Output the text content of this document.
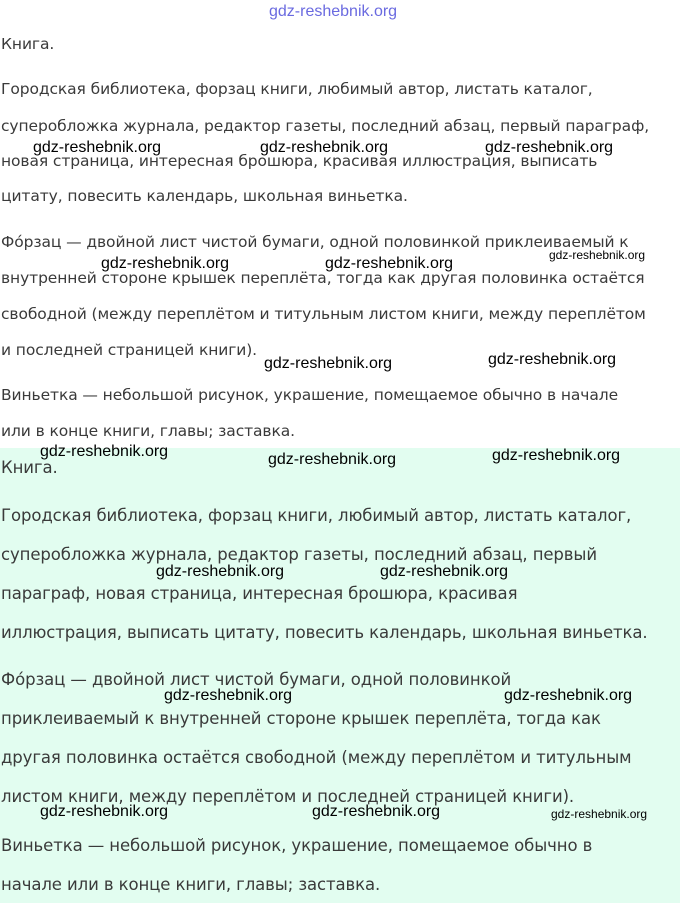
Книга.
Городская библиотека, форзац книги, любимый автор, листать каталог,
суперобложка журнала, редактор газеты, последний абзац, первый параграф,
новая страница, интересная брошюра, красивая иллюстрация, выписать
цитату, повесить календарь, школьная виньетка.
Фо́рзац — двойной лист чистой бумаги, одной половинкой приклеиваемый к
внутренней стороне крышек переплёта, тогда как другая половинка остаётся
свободной (между переплётом и титульным листом книги, между переплётом
и последней страницей книги).
Виньетка — небольшой рисунок, украшение, помещаемое обычно в начале
или в конце книги, главы; заставка.
Книга.
Городская библиотека, форзац книги, любимый автор, листать каталог,
суперобложка журнала, редактор газеты, последний абзац, первый
параграф, новая страница, интересная брошюра, красивая
иллюстрация, выписать цитату, повесить календарь, школьная виньетка.
Фо́рзац — двойной лист чистой бумаги, одной половинкой
приклеиваемый к внутренней стороне крышек переплёта, тогда как
другая половинка остаётся свободной (между переплётом и титульным
листом книги, между переплётом и последней страницей книги).
Виньетка — небольшой рисунок, украшение, помещаемое обычно в
начале или в конце книги, главы; заставка.
gdz-reshebnik.org
gdz-reshebnik.org	gdz-reshebnik.org	gdz-reshebnik.org
gdz-reshebnik.org
gdz-reshebnik.org	gdz-reshebnik.org
gdz-reshebnik.org
gdz-reshebnik.org
gdz-reshebnik.org	gdz-reshebnik.org
gdz-reshebnik.org
gdz-reshebnik.org	gdz-reshebnik.org
gdz-reshebnik.org	gdz-reshebnik.org
gdz-reshebnik.org	gdz-reshebnik.org	gdz-reshebnik.org
